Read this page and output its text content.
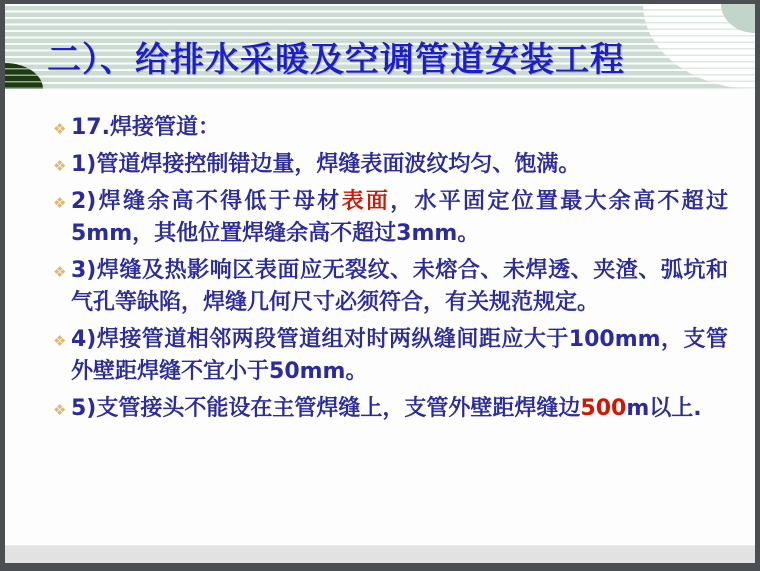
二）、给排水采暖及空调管道安装工程
❖ 17.焊接管道：
❖ 1)管道焊接控制错边量，焊缝表面波纹均匀、饱满。
❖ 2)焊缝余高不得低于母材表面，水平固定位置最大余高不超过5mm，其他位置焊缝余高不超过3mm。
❖ 3)焊缝及热影响区表面应无裂纹、未熔合、未焊透、夹渣、弧坑和气孔等缺陷，焊缝几何尺寸必须符合，有关规范规定。
❖ 4)焊接管道相邻两段管道组对时两纵缝间距应大于100mm，支管外壁距焊缝不宜小于50mm。
❖ 5)支管接头不能设在主管焊缝上，支管外壁距焊缝边500m以上.
